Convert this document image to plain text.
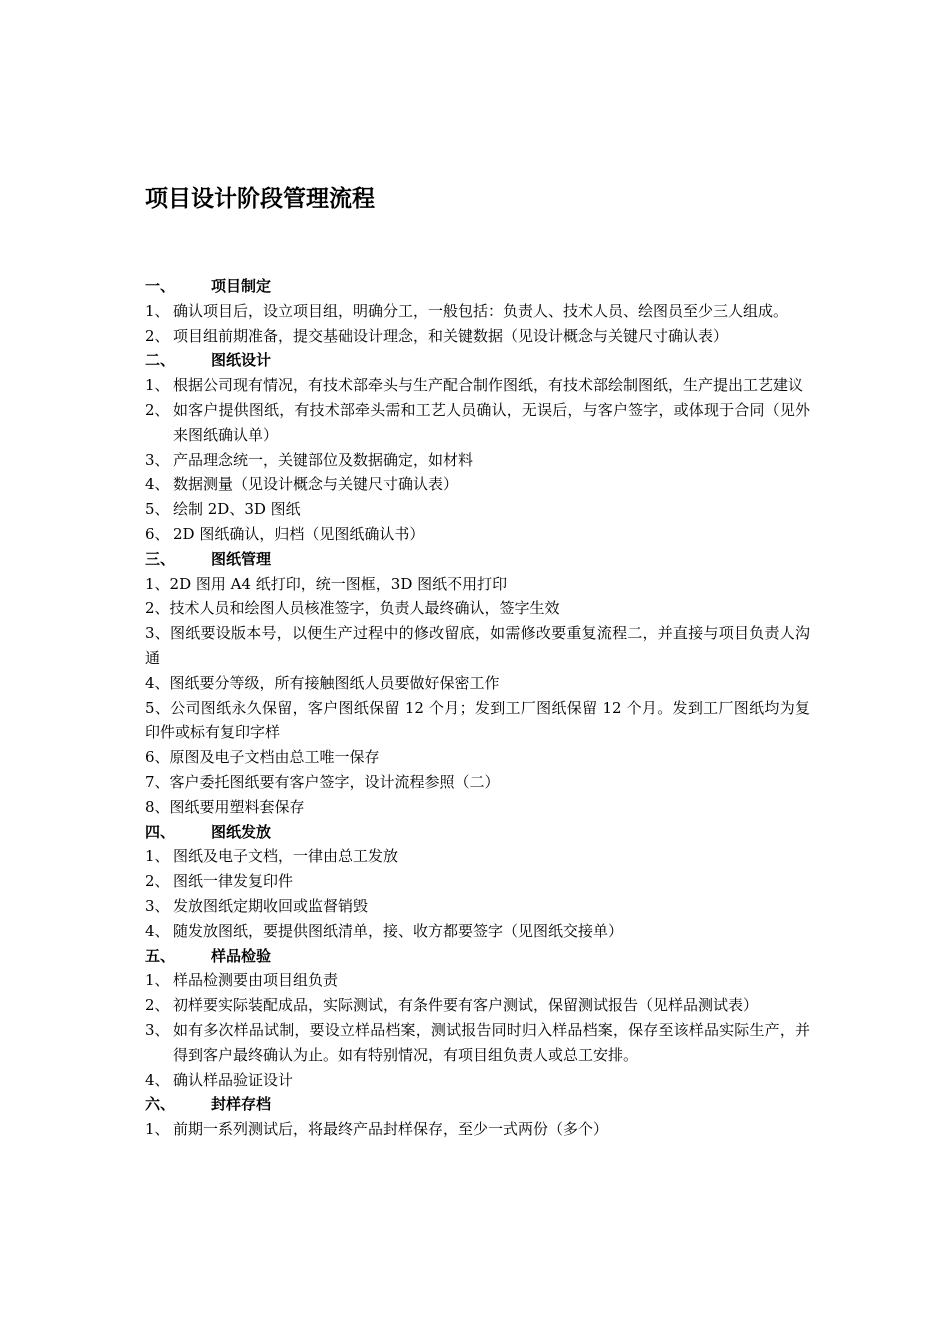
项目设计阶段管理流程
一、	项目制定
1、 确认项目后，设立项目组，明确分工，一般包括：负责人、技术人员、绘图员至少三人组成。
2、 项目组前期准备，提交基础设计理念，和关键数据（见设计概念与关键尺寸确认表）
二、	图纸设计
1、 根据公司现有情况，有技术部牵头与生产配合制作图纸，有技术部绘制图纸，生产提出工艺建议
2、 如客户提供图纸，有技术部牵头需和工艺人员确认，无误后，与客户签字，或体现于合同（见外来图纸确认单）
3、 产品理念统一，关键部位及数据确定，如材料
4、 数据测量（见设计概念与关键尺寸确认表）
5、 绘制 2D、3D 图纸
6、 2D 图纸确认，归档（见图纸确认书）
三、	图纸管理
1、2D 图用 A4 纸打印，统一图框，3D 图纸不用打印
2、技术人员和绘图人员核准签字，负责人最终确认，签字生效
3、图纸要设版本号，以便生产过程中的修改留底，如需修改要重复流程二，并直接与项目负责人沟通
4、图纸要分等级，所有接触图纸人员要做好保密工作
5、公司图纸永久保留，客户图纸保留 12 个月；发到工厂图纸保留 12 个月。发到工厂图纸均为复印件或标有复印字样
6、原图及电子文档由总工唯一保存
7、客户委托图纸要有客户签字，设计流程参照（二）
8、图纸要用塑料套保存
四、	图纸发放
1、 图纸及电子文档，一律由总工发放
2、 图纸一律发复印件
3、 发放图纸定期收回或监督销毁
4、 随发放图纸，要提供图纸清单，接、收方都要签字（见图纸交接单）
五、	样品检验
1、 样品检测要由项目组负责
2、 初样要实际装配成品，实际测试，有条件要有客户测试，保留测试报告（见样品测试表）
3、 如有多次样品试制，要设立样品档案，测试报告同时归入样品档案，保存至该样品实际生产，并得到客户最终确认为止。如有特别情况，有项目组负责人或总工安排。
4、 确认样品验证设计
六、	封样存档
1、 前期一系列测试后，将最终产品封样保存，至少一式两份（多个）
